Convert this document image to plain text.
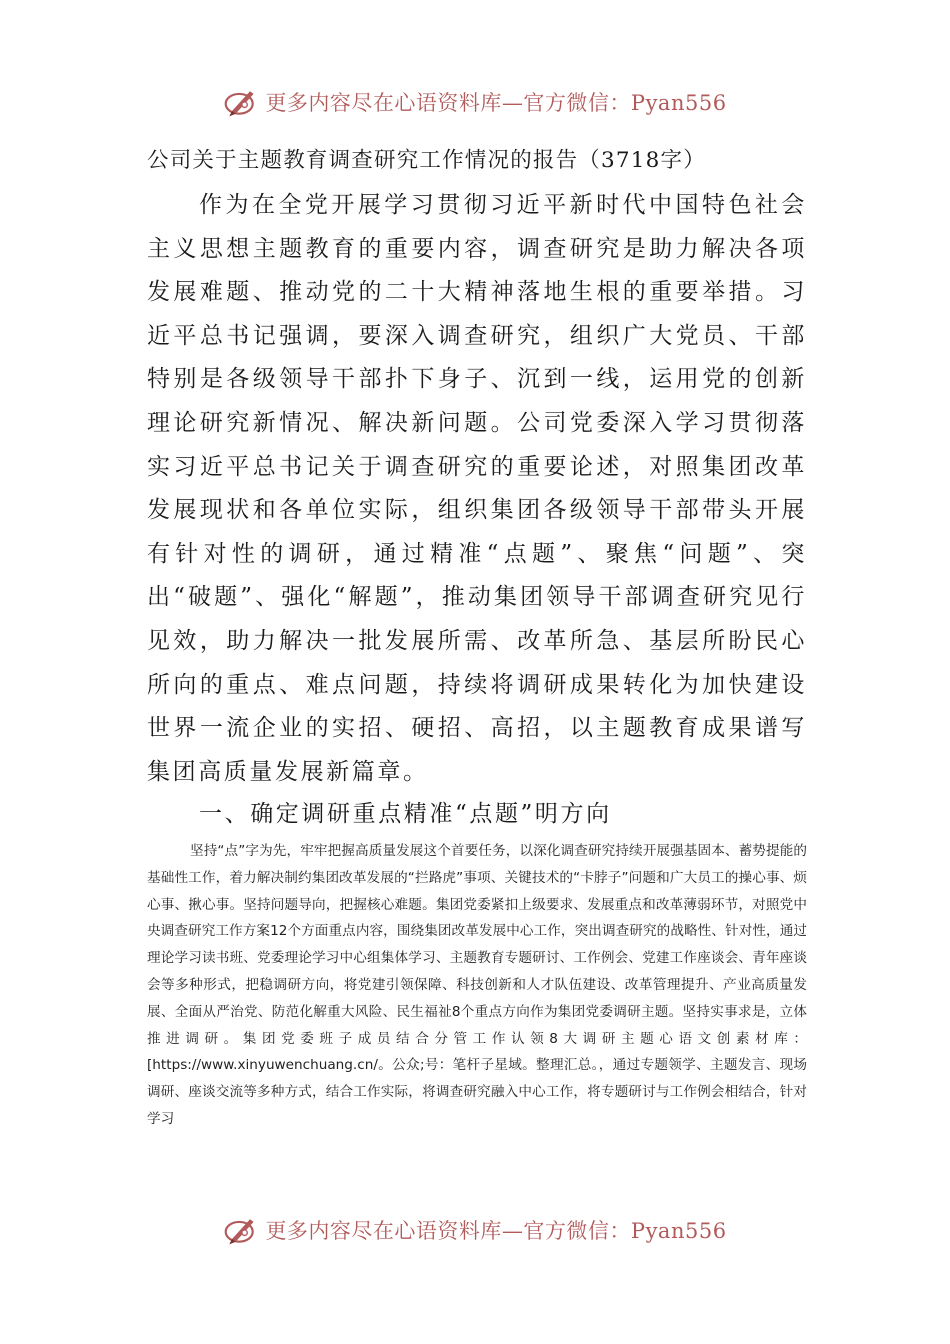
更多内容尽在心语资料库—官方微信：Pyan556
公司关于主题教育调查研究工作情况的报告（3718字）

作为在全党开展学习贯彻习近平新时代中国特色社会主义思想主题教育的重要内容，调查研究是助力解决各项发展难题、推动党的二十大精神落地生根的重要举措。习近平总书记强调，要深入调查研究，组织广大党员、干部特别是各级领导干部扑下身子、沉到一线，运用党的创新理论研究新情况、解决新问题。公司党委深入学习贯彻落实习近平总书记关于调查研究的重要论述，对照集团改革发展现状和各单位实际，组织集团各级领导干部带头开展有针对性的调研，通过精准“点题”、聚焦“问题”、突出“破题”、强化“解题”，推动集团领导干部调查研究见行见效，助力解决一批发展所需、改革所急、基层所盼民心所向的重点、难点问题，持续将调研成果转化为加快建设世界一流企业的实招、硬招、高招，以主题教育成果谱写集团高质量发展新篇章。

一、确定调研重点精准“点题”明方向

坚持“点”字为先，牢牢把握高质量发展这个首要任务，以深化调查研究持续开展强基固本、蓄势提能的基础性工作，着力解决制约集团改革发展的“拦路虎”事项、关键技术的“卡脖子”问题和广大员工的操心事、烦心事、揪心事。坚持问题导向，把握核心难题。集团党委紧扣上级要求、发展重点和改革薄弱环节，对照党中央调查研究工作方案12个方面重点内容，围绕集团改革发展中心工作，突出调查研究的战略性、针对性，通过理论学习读书班、党委理论学习中心组集体学习、主题教育专题研讨、工作例会、党建工作座谈会、青年座谈会等多种形式，把稳调研方向，将党建引领保障、科技创新和人才队伍建设、改革管理提升、产业高质量发展、全面从严治党、防范化解重大风险、民生福祉8个重点方向作为集团党委调研主题。坚持实事求是，立体推进调研。集团党委班子成员结合分管工作认领8大调研主题心语文创素材库：[https://www.xinyuwenchuang.cn/。公众;号：笔杆子星域。整理汇总。，通过专题领学、主题发言、现场调研、座谈交流等多种方式，结合工作实际，将调查研究融入中心工作，将专题研讨与工作例会相结合，针对学习

更多内容尽在心语资料库—官方微信：Pyan556
